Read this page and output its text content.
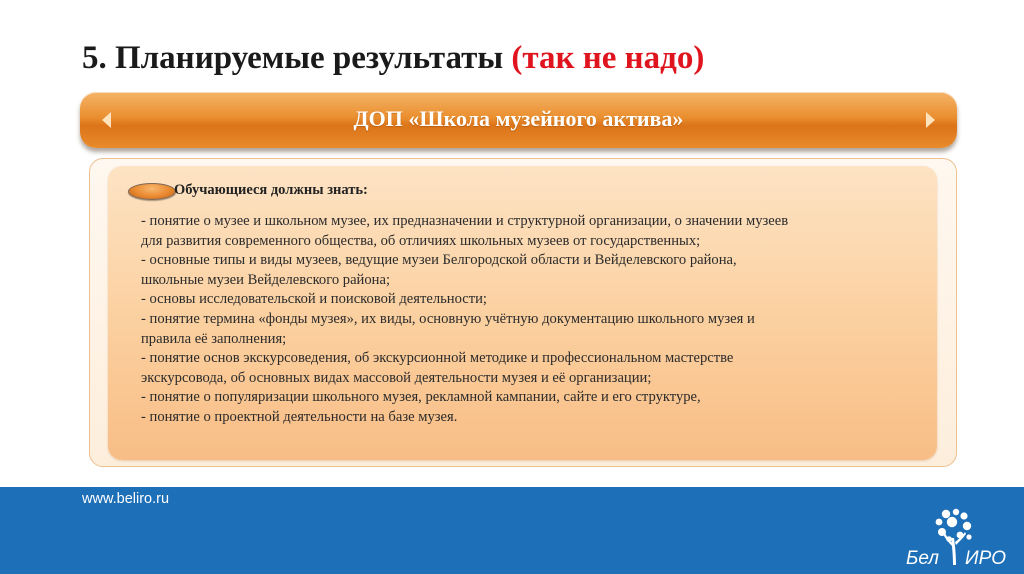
5. Планируемые результаты (так не надо)
ДОП «Школа музейного актива»
Обучающиеся должны знать:
- понятие о музее и школьном музее, их предназначении и структурной организации, о значении музеев
для развития современного общества, об отличиях школьных музеев от государственных;
- основные типы и виды музеев, ведущие музеи Белгородской области и Вейделевского района,
школьные музеи Вейделевского района;
- основы исследовательской и поисковой деятельности;
- понятие термина «фонды музея», их виды, основную учётную документацию школьного музея и
правила её заполнения;
- понятие основ экскурсоведения, об экскурсионной методике и профессиональном мастерстве
экскурсовода, об основных видах массовой деятельности музея и её организации;
- понятие о популяризации школьного музея, рекламной кампании, сайте и его структуре,
- понятие о проектной деятельности на базе музея.
www.beliro.ru
Бел ИРО
